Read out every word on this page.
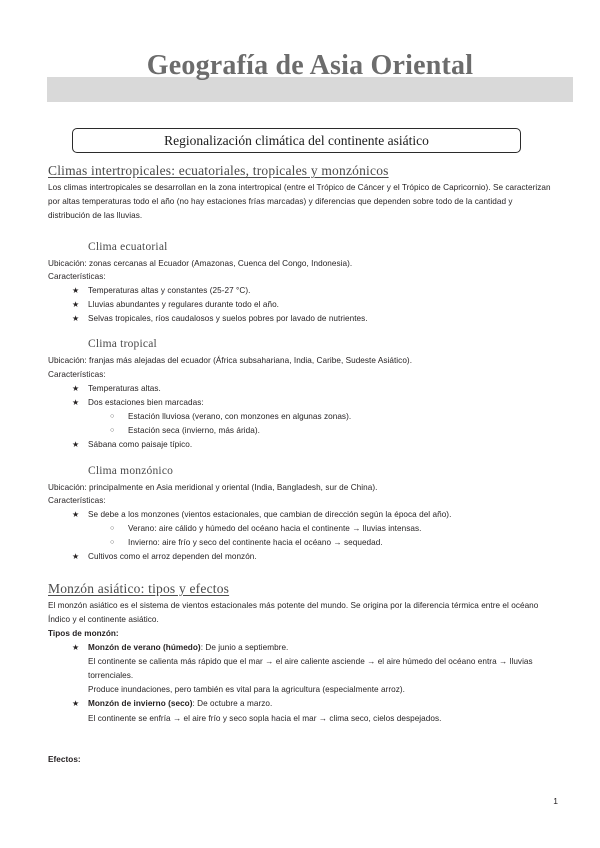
Geografía de Asia Oriental
Regionalización climática del continente asiático
Climas intertropicales: ecuatoriales, tropicales y monzónicos

Los climas intertropicales se desarrollan en la zona intertropical (entre el Trópico de Cáncer y el Trópico de Capricornio). Se caracterizan por altas temperaturas todo el año (no hay estaciones frías marcadas) y diferencias que dependen sobre todo de la cantidad y distribución de las lluvias.

Clima ecuatorial

Ubicación: zonas cercanas al Ecuador (Amazonas, Cuenca del Congo, Indonesia).

Características:

★ Temperaturas altas y constantes (25-27 °C).
★ Lluvias abundantes y regulares durante todo el año.
★ Selvas tropicales, ríos caudalosos y suelos pobres por lavado de nutrientes.
Clima tropical

Ubicación: franjas más alejadas del ecuador (África subsahariana, India, Caribe, Sudeste Asiático).

Características:

★ Temperaturas altas.
★ Dos estaciones bien marcadas:
○ Estación lluviosa (verano, con monzones en algunas zonas).
○ Estación seca (invierno, más árida).
★ Sábana como paisaje típico.
Clima monzónico

Ubicación: principalmente en Asia meridional y oriental (India, Bangladesh, sur de China).

Características:

★ Se debe a los monzones (vientos estacionales, que cambian de dirección según la época del año).
○ Verano: aire cálido y húmedo del océano hacia el continente → lluvias intensas.
○ Invierno: aire frío y seco del continente hacia el océano → sequedad.
★ Cultivos como el arroz dependen del monzón.
Monzón asiático: tipos y efectos

El monzón asiático es el sistema de vientos estacionales más potente del mundo. Se origina por la diferencia térmica entre el océano Índico y el continente asiático.

Tipos de monzón:

★ Monzón de verano (húmedo): De junio a septiembre.
El continente se calienta más rápido que el mar → el aire caliente asciende → el aire húmedo del océano entra → lluvias torrenciales.
Produce inundaciones, pero también es vital para la agricultura (especialmente arroz).
★ Monzón de invierno (seco): De octubre a marzo.
El continente se enfría → el aire frío y seco sopla hacia el mar → clima seco, cielos despejados.

Efectos:

1
